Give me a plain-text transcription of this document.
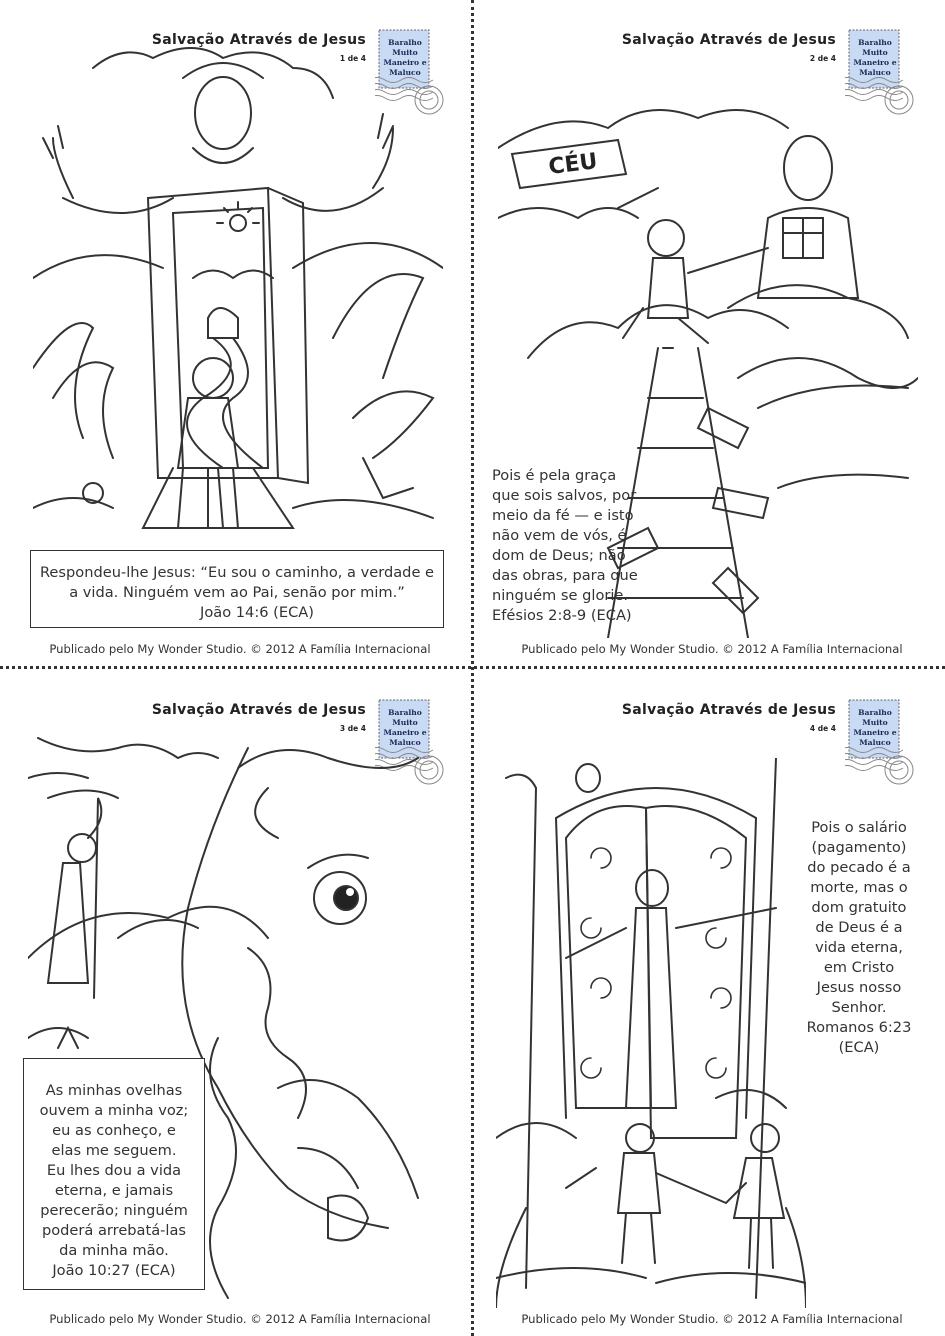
Salvação Através de Jesus
1 de 4
Baralho
Muito
Maneiro e
Maluco
Respondeu-lhe Jesus: “Eu sou o caminho, a verdade e
a vida. Ninguém vem ao Pai, senão por mim.”
João 14:6 (ECA)
Publicado pelo My Wonder Studio. © 2012 A Família Internacional
Salvação Através de Jesus
2 de 4
Baralho
Muito
Maneiro e
Maluco
CÉU
Pois é pela graça
que sois salvos, por
meio da fé — e isto
não vem de vós, é
dom de Deus; não
das obras, para que
ninguém se glorie.
Efésios 2:8-9 (ECA)
Publicado pelo My Wonder Studio. © 2012 A Família Internacional
Salvação Através de Jesus
3 de 4
Baralho
Muito
Maneiro e
Maluco
As minhas ovelhas
ouvem a minha voz;
eu as conheço, e
elas me seguem.
Eu lhes dou a vida
eterna, e jamais
perecerão; ninguém
poderá arrebatá-las
da minha mão.
João 10:27 (ECA)
Publicado pelo My Wonder Studio. © 2012 A Família Internacional
Salvação Através de Jesus
4 de 4
Baralho
Muito
Maneiro e
Maluco
Pois o salário
(pagamento)
do pecado é a
morte, mas o
dom gratuito
de Deus é a
vida eterna,
em Cristo
Jesus nosso
Senhor.
Romanos 6:23
(ECA)
Publicado pelo My Wonder Studio. © 2012 A Família Internacional
